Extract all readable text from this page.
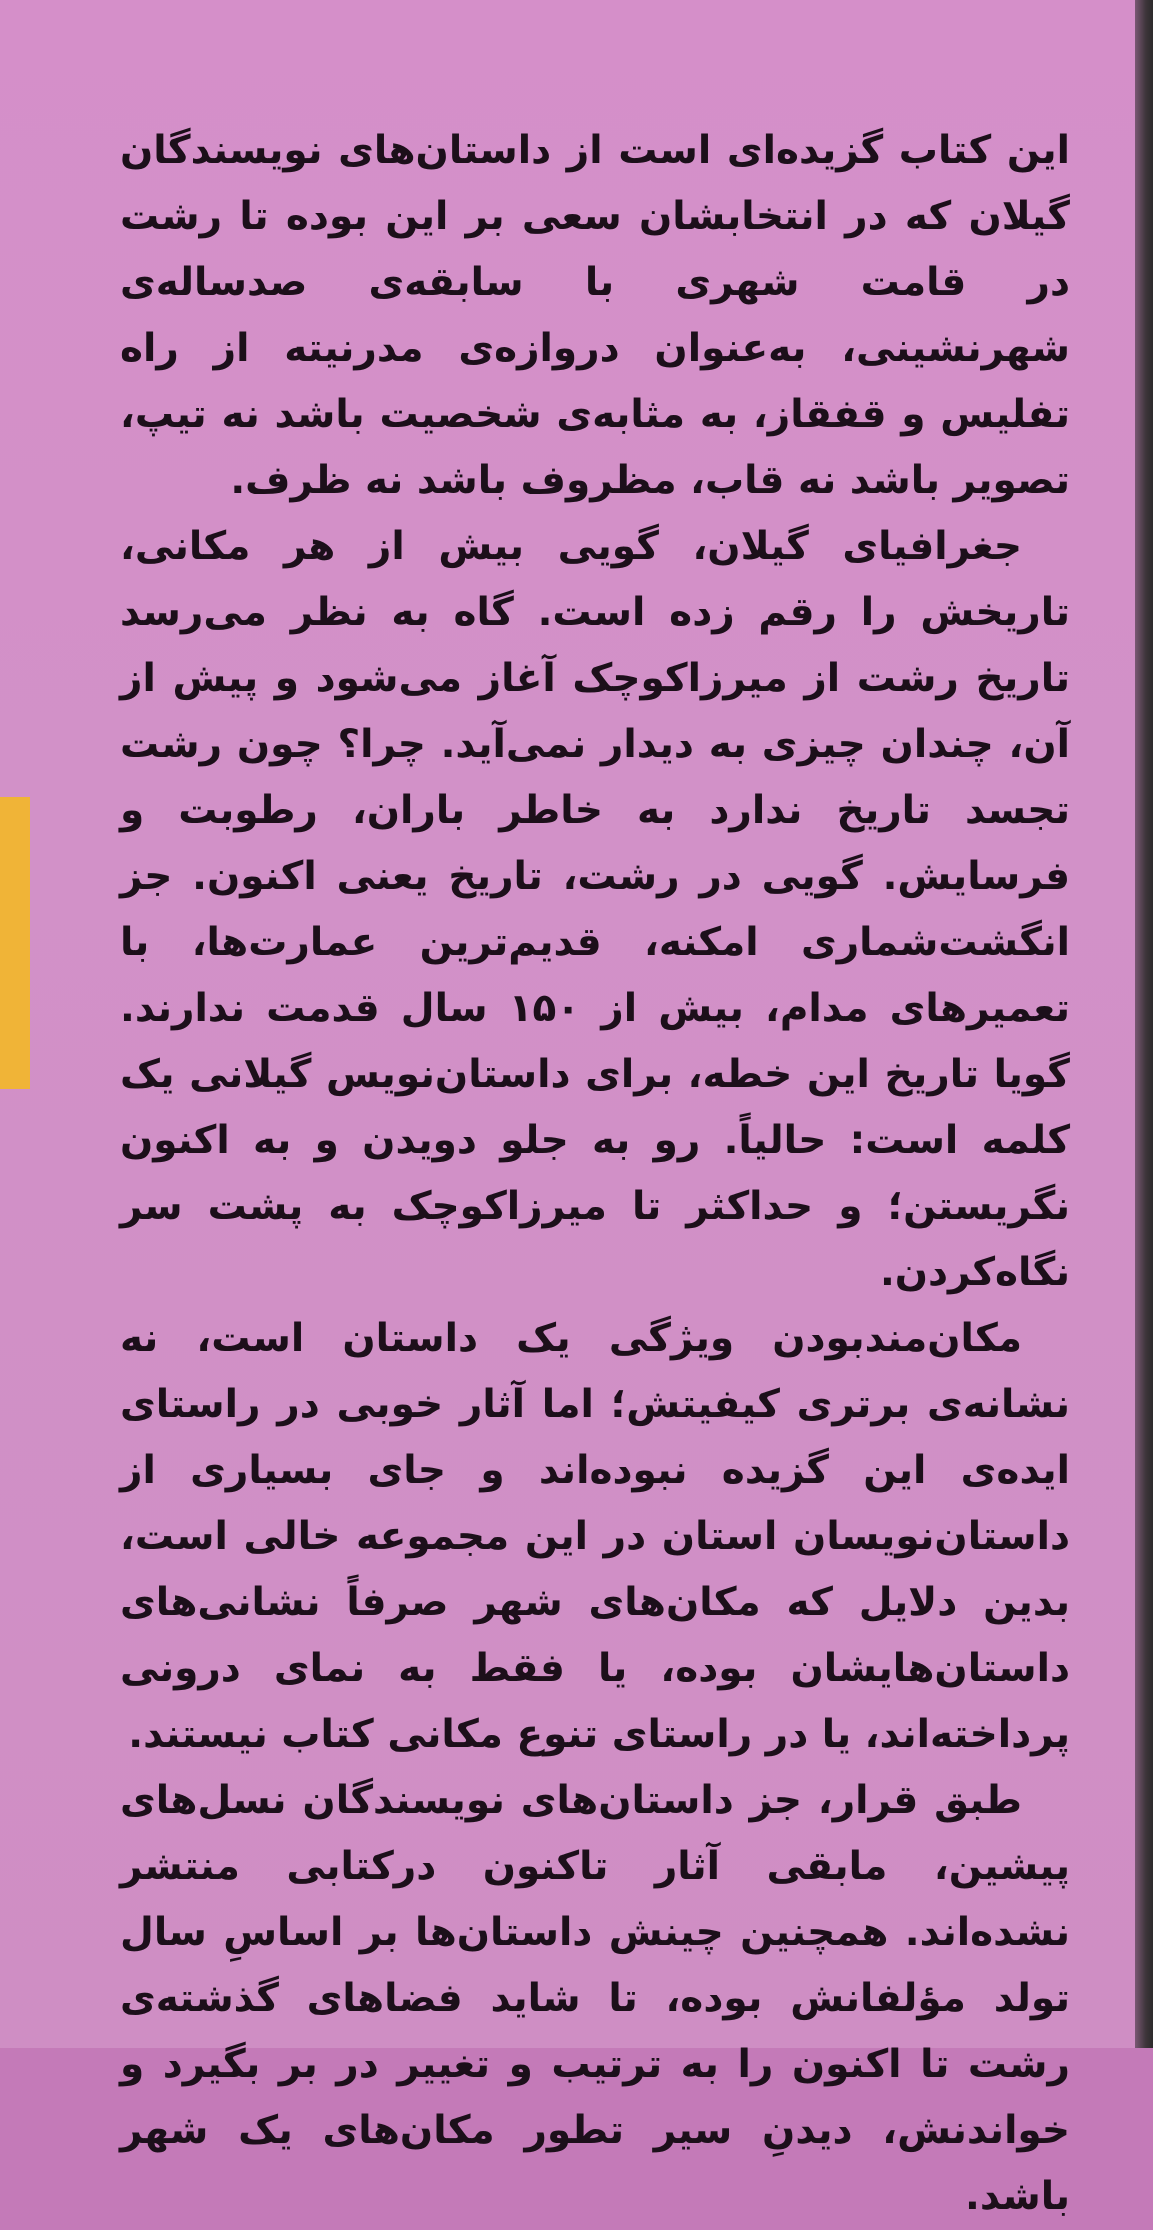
این کتاب گزیده‌ای است از داستان‌های نویسندگان گیلان که در انتخابشان سعی بر این بوده تا رشت در قامت شهری با سابقه‌ی صدساله‌ی شهرنشینی، به‌عنوان دروازه‌ی مدرنیته از راه تفلیس و قفقاز، به مثابه‌ی شخصیت باشد نه تیپ، تصویر باشد نه قاب، مظروف باشد نه ظرف.

جغرافیای گیلان، گویی بیش از هر مکانی، تاریخش را رقم زده است. گاه به نظر می‌رسد تاریخ رشت از میرزاکوچک آغاز می‌شود و پیش از آن، چندان چیزی به دیدار نمی‌آید. چرا؟ چون رشت تجسد تاریخ ندارد به خاطر باران، رطوبت و فرسایش. گویی در رشت، تاریخ یعنی اکنون. جز انگشت‌شماری امکنه، قدیم‌ترین عمارت‌ها، با تعمیرهای مدام، بیش از ۱۵۰ سال قدمت ندارند. گویا تاریخ این خطه، برای داستان‌نویس گیلانی یک کلمه است: حالیاً. رو به جلو دویدن و به اکنون نگریستن؛ و حداکثر تا میرزاکوچک به پشت سر نگاه‌کردن.

مکان‌مندبودن ویژگی یک داستان است، نه نشانه‌ی برتری کیفیتش؛ اما آثار خوبی در راستای ایده‌ی این گزیده نبوده‌اند و جای بسیاری از داستان‌نویسان استان در این مجموعه خالی است، بدین دلایل که مکان‌های شهر صرفاً نشانی‌های داستان‌هایشان بوده، یا فقط به نمای درونی پرداخته‌اند، یا در راستای تنوع مکانی کتاب نیستند.

طبق قرار، جز داستان‌های نویسندگان نسل‌های پیشین، مابقی آثار تاکنون درکتابی منتشر نشده‌اند. همچنین چینش داستان‌ها بر اساسِ سال تولد مؤلفانش بوده، تا شاید فضاهای گذشته‌ی رشت تا اکنون را به ترتیب و تغییر در بر بگیرد و خواندنش، دیدنِ سیر تطور مکان‌های یک شهر باشد.
